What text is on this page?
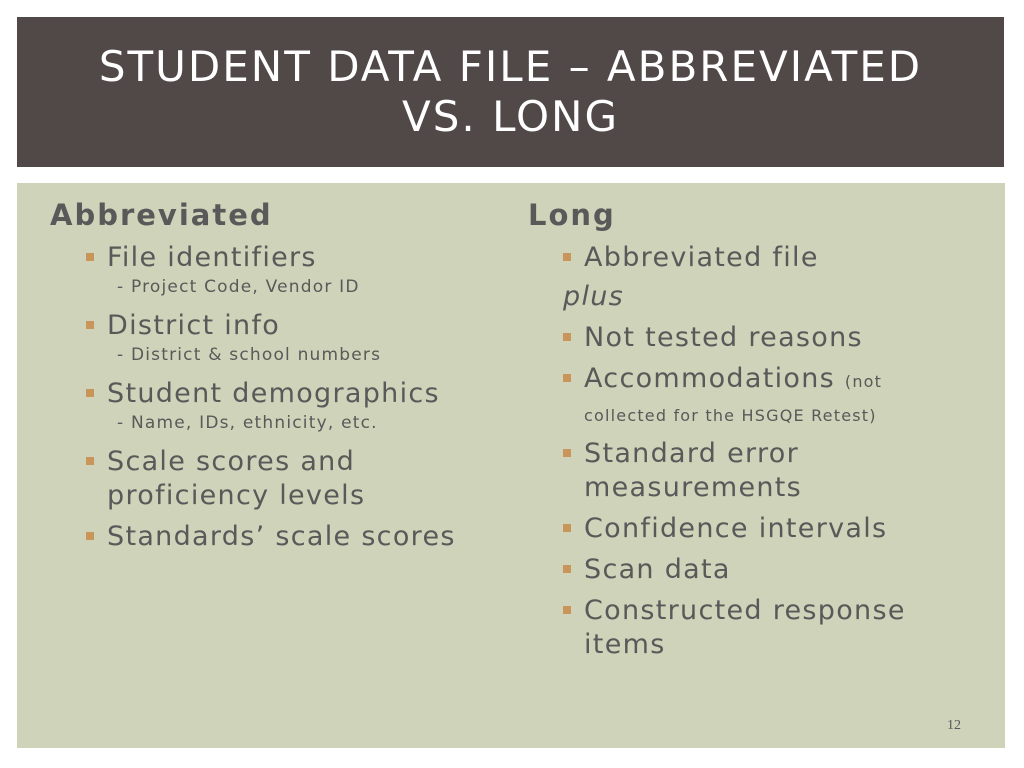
STUDENT DATA FILE – ABBREVIATED VS. LONG
Abbreviated
File identifiers
- Project Code, Vendor ID
District info
- District & school numbers
Student demographics
- Name, IDs, ethnicity, etc.
Scale scores and proficiency levels
Standards’ scale scores
Long
Abbreviated file
plus
Not tested reasons
Accommodations (not collected for the HSGQE Retest)
Standard error measurements
Confidence intervals
Scan data
Constructed response items
12
